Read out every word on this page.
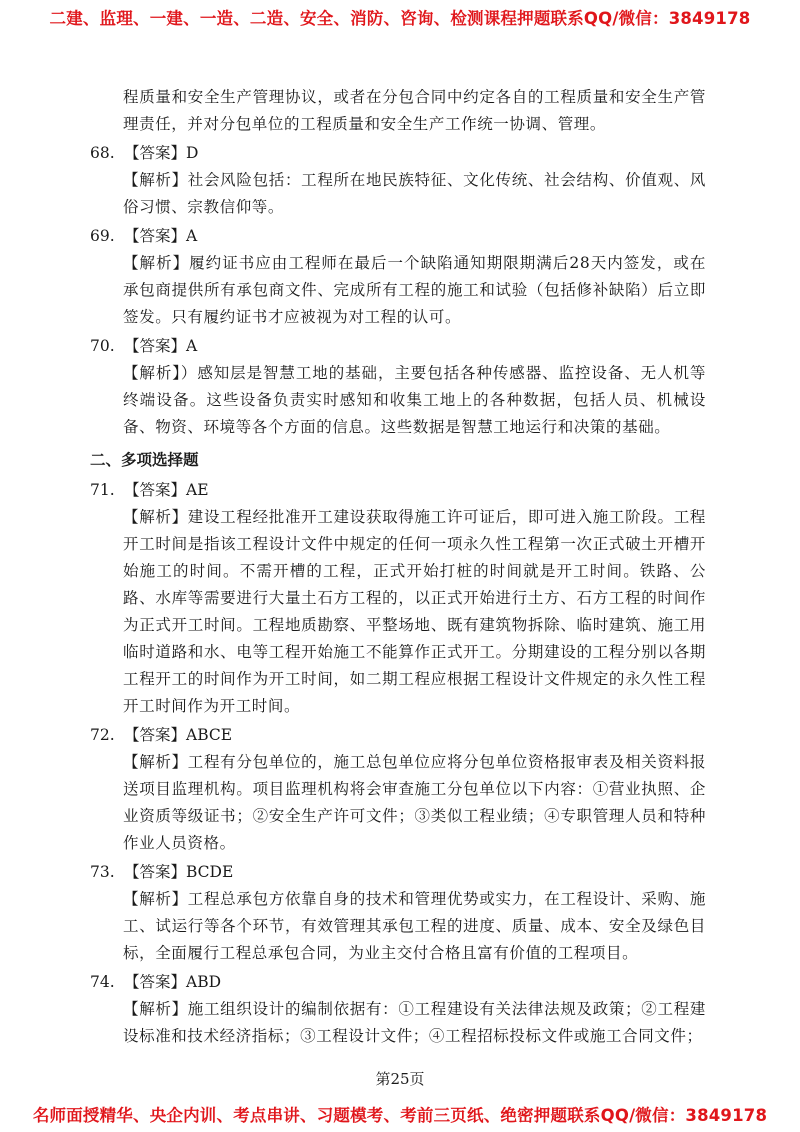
二建、监理、一建、一造、二造、安全、消防、咨询、检测课程押题联系QQ/微信：3849178

程质量和安全生产管理协议，或者在分包合同中约定各自的工程质量和安全生产管理责任，并对分包单位的工程质量和安全生产工作统一协调、管理。

68. 【答案】D

【解析】社会风险包括：工程所在地民族特征、文化传统、社会结构、价值观、风俗习惯、宗教信仰等。

69. 【答案】A

【解析】履约证书应由工程师在最后一个缺陷通知期限期满后28天内签发，或在承包商提供所有承包商文件、完成所有工程的施工和试验（包括修补缺陷）后立即签发。只有履约证书才应被视为对工程的认可。

70. 【答案】A

【解析】）感知层是智慧工地的基础，主要包括各种传感器、监控设备、无人机等终端设备。这些设备负责实时感知和收集工地上的各种数据，包括人员、机械设备、物资、环境等各个方面的信息。这些数据是智慧工地运行和决策的基础。

二、多项选择题
71. 【答案】AE

【解析】建设工程经批准开工建设获取得施工许可证后，即可进入施工阶段。工程开工时间是指该工程设计文件中规定的任何一项永久性工程第一次正式破土开槽开始施工的时间。不需开槽的工程，正式开始打桩的时间就是开工时间。铁路、公路、水库等需要进行大量土石方工程的，以正式开始进行土方、石方工程的时间作为正式开工时间。工程地质勘察、平整场地、既有建筑物拆除、临时建筑、施工用临时道路和水、电等工程开始施工不能算作正式开工。分期建设的工程分别以各期工程开工的时间作为开工时间，如二期工程应根据工程设计文件规定的永久性工程开工时间作为开工时间。

72. 【答案】ABCE

【解析】工程有分包单位的，施工总包单位应将分包单位资格报审表及相关资料报送项目监理机构。项目监理机构将会审查施工分包单位以下内容：①营业执照、企业资质等级证书；②安全生产许可文件；③类似工程业绩；④专职管理人员和特种作业人员资格。

73. 【答案】BCDE

【解析】工程总承包方依靠自身的技术和管理优势或实力，在工程设计、采购、施工、试运行等各个环节，有效管理其承包工程的进度、质量、成本、安全及绿色目标，全面履行工程总承包合同，为业主交付合格且富有价值的工程项目。

74. 【答案】ABD

【解析】施工组织设计的编制依据有：①工程建设有关法律法规及政策；②工程建设标准和技术经济指标；③工程设计文件；④工程招标投标文件或施工合同文件；

第25页
名师面授精华、央企内训、考点串讲、习题模考、考前三页纸、绝密押题联系QQ/微信：3849178
